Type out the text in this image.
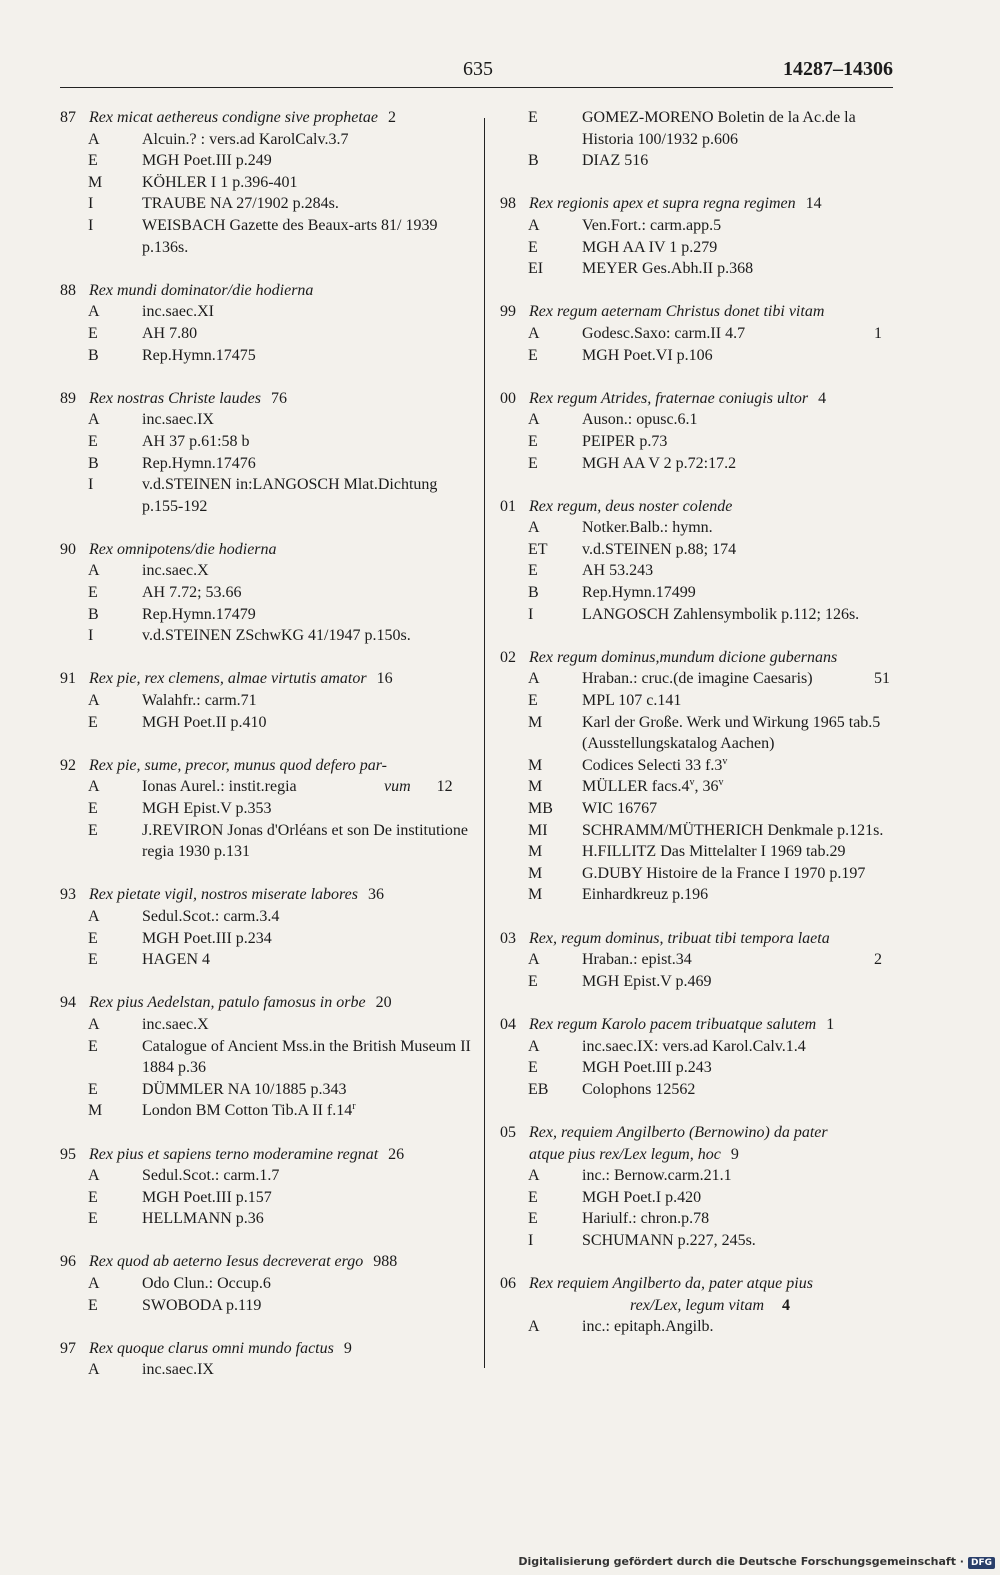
635	14287–14306
87 Rex micat aethereus condigne sive prophetae 2
A	Alcuin.? : vers.ad KarolCalv.3.7
E	MGH Poet.III p.249
M KÖHLER I 1 p.396-401
I	TRAUBE NA 27/1902 p.284s.
I	WEISBACH Gazette des Beaux-arts 81/ 1939 p.136s.
88 Rex mundi dominator/die hodierna
A	inc.saec.XI
E	AH 7.80
B	Rep.Hymn.17475
89 Rex nostras Christe laudes 76
A	inc.saec.IX
E	AH 37 p.61:58 b
B	Rep.Hymn.17476
I	v.d.STEINEN in:LANGOSCH Mlat.Dichtung p.155-192
90 Rex omnipotens/die hodierna
A	inc.saec.X
E	AH 7.72; 53.66
B	Rep.Hymn.17479
I	v.d.STEINEN ZSchwKG 41/1947 p.150s.
91 Rex pie, rex clemens, almae virtutis amator 16
A	Walahfr.: carm.71
E	MGH Poet.II p.410
92 Rex pie, sume, precor, munus quod defero par-
A	Ionas Aurel.: instit.regia	vum 12
E	MGH Epist.V p.353
E	J.REVIRON Jonas d'Orléans et son De institutione regia 1930 p.131
93 Rex pietate vigil, nostros miserate labores 36
A	Sedul.Scot.: carm.3.4
E	MGH Poet.III p.234
E	HAGEN 4
94 Rex pius Aedelstan, patulo famosus in orbe 20
A	inc.saec.X
E	Catalogue of Ancient Mss.in the British Museum II 1884 p.36
E	DÜMMLER NA 10/1885 p.343
M London BM Cotton Tib.A II f.14$^r$
95 Rex pius et sapiens terno moderamine regnat 26
A	Sedul.Scot.: carm.1.7
E	MGH Poet.III p.157
E	HELLMANN p.36
96 Rex quod ab aeterno Iesus decreverat ergo 988
A	Odo Clun.: Occup.6
E	SWOBODA p.119
97 Rex quoque clarus omni mundo factus 9
A	inc.saec.IX
E	GOMEZ-MORENO Boletin de la Ac.de la Historia 100/1932 p.606
B	DIAZ 516
98 Rex regionis apex et supra regna regimen 14
A	Ven.Fort.: carm.app.5
E	MGH AA IV 1 p.279
EI MEYER Ges.Abh.II p.368
99 Rex regum aeternam Christus donet tibi vitam
A	Godesc.Saxo: carm.II 4.7	1
E	MGH Poet.VI p.106
00 Rex regum Atrides, fraternae coniugis ultor 4
A	Auson.: opusc.6.1
E	PEIPER p.73
E	MGH AA V 2 p.72:17.2
01 Rex regum, deus noster colende
A	Notker.Balb.: hymn.
ET v.d.STEINEN p.88; 174
E	AH 53.243
B	Rep.Hymn.17499
I	LANGOSCH Zahlensymbolik p.112; 126s.
02 Rex regum dominus,mundum dicione gubernans
A	Hraban.: cruc.(de imagine Caesaris)	51
E	MPL 107 c.141
M Karl der Große. Werk und Wirkung 1965 tab.5 (Ausstellungskatalog Aachen)
M Codices Selecti 33 f.3$^v$
M MÜLLER facs.4$^v$, 36$^v$
MB WIC 16767
MI SCHRAMM/MÜTHERICH Denkmale p.121s.
M H.FILLITZ Das Mittelalter I 1969 tab.29
M G.DUBY Histoire de la France I 1970 p.197
M Einhardkreuz p.196
03 Rex, regum dominus, tribuat tibi tempora laeta
A	Hraban.: epist.34	2
E	MGH Epist.V p.469
04 Rex regum Karolo pacem tribuatque salutem 1
A	inc.saec.IX: vers.ad Karol.Calv.1.4
E	MGH Poet.III p.243
EB Colophons 12562
05 Rex, requiem Angilberto (Bernowino) da pater
atque pius rex/Lex legum, hoc 9
A	inc.: Bernow.carm.21.1
E	MGH Poet.I p.420
E	Hariulf.: chron.p.78
I	SCHUMANN p.227, 245s.
06 Rex requiem Angilberto da, pater atque pius
rex/Lex, legum vitam 4
A	inc.: epitaph.Angilb.
Digitalisierung gefördert durch die Deutsche Forschungsgemeinschaft · DFG
